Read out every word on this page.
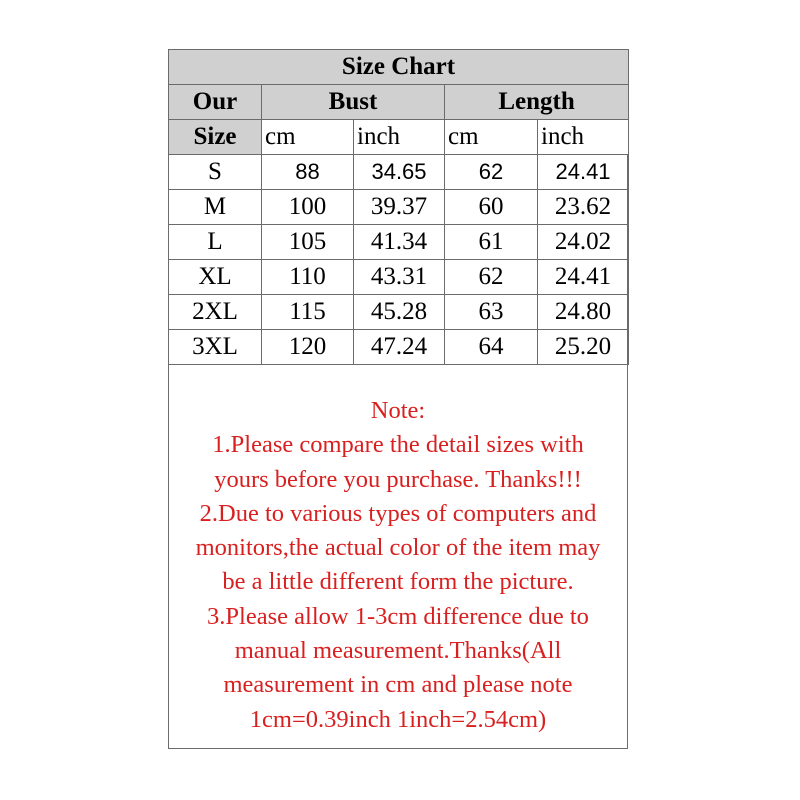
Size Chart				
Our	Bust		Length	
Size	cm	inch	cm	inch
S	88	34.65	62	24.41
M	100	39.37	60	23.62
L	105	41.34	61	24.02
XL	110	43.31	62	24.41
2XL	115	45.28	63	24.80
3XL	120	47.24	64	25.20
Note:
1.Please compare the detail sizes with
yours before you purchase. Thanks!!!
2.Due to various types of computers and
monitors,the actual color of the item may
be a little different form the picture.
3.Please allow 1-3cm difference due to
manual measurement.Thanks(All
measurement in cm and please note
1cm=0.39inch 1inch=2.54cm)
